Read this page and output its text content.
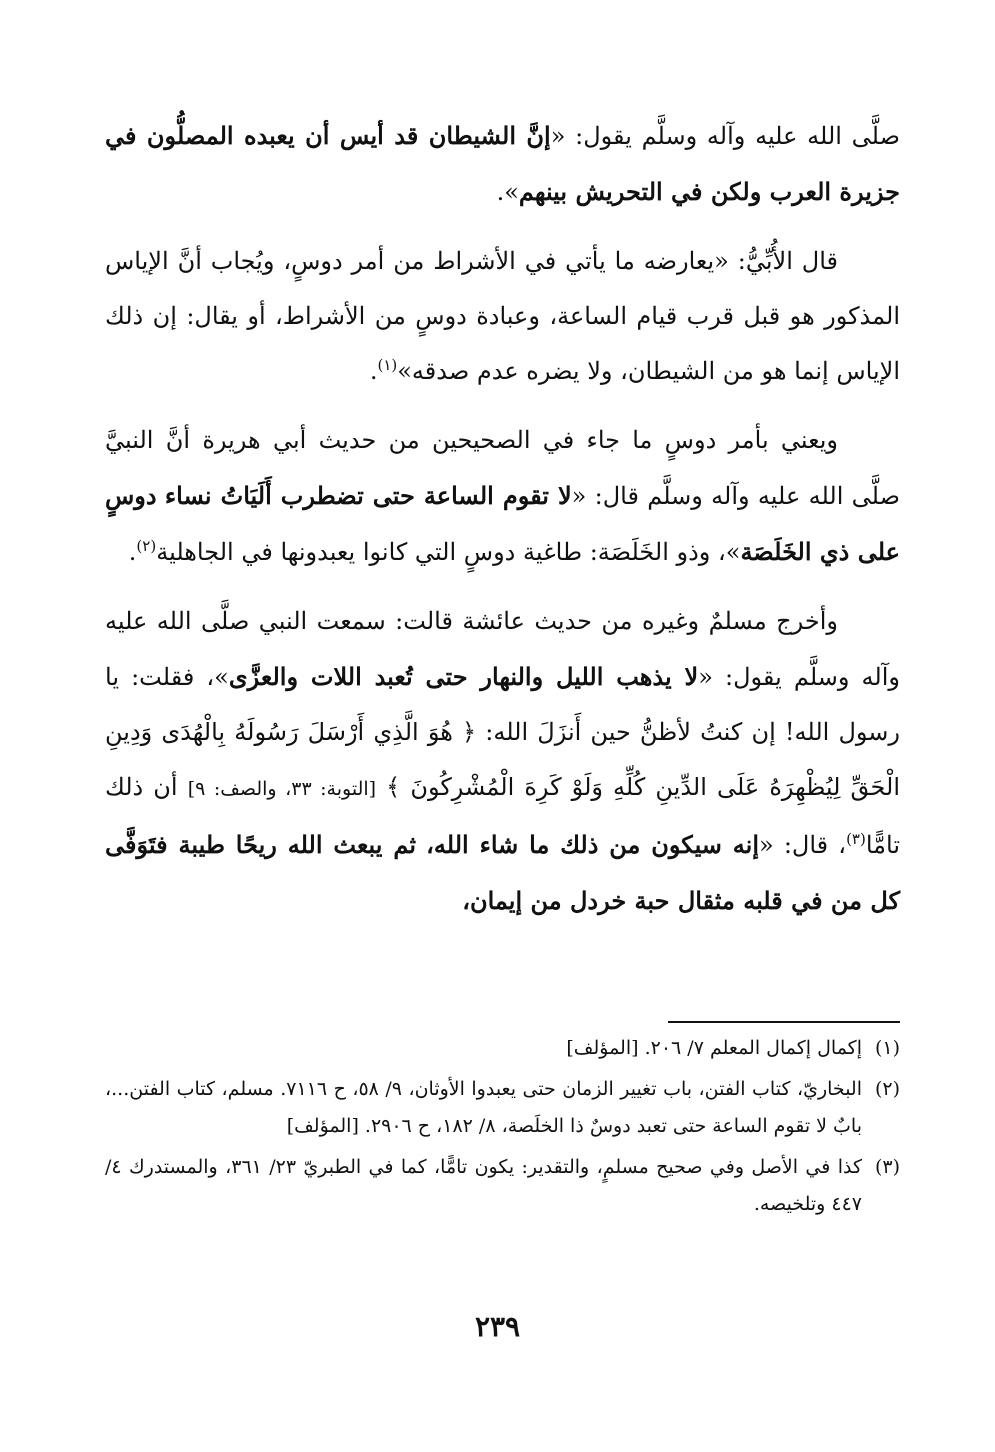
صلَّى الله عليه وآله وسلَّم يقول: «إنَّ الشيطان قد أيس أن يعبده المصلُّون في جزيرة العرب ولكن في التحريش بينهم».

قال الأُبِّيُّ: «يعارضه ما يأتي في الأشراط من أمر دوسٍ، ويُجاب أنَّ الإياس المذكور هو قبل قرب قيام الساعة، وعبادة دوسٍ من الأشراط، أو يقال: إن ذلك الإياس إنما هو من الشيطان، ولا يضره عدم صدقه»$^{(١)}$.

ويعني بأمر دوسٍ ما جاء في الصحيحين من حديث أبي هريرة أنَّ النبيَّ صلَّى الله عليه وآله وسلَّم قال: «لا تقوم الساعة حتى تضطرب أَلَيَاتُ نساء دوسٍ على ذي الخَلَصَة»، وذو الخَلَصَة: طاغية دوسٍ التي كانوا يعبدونها في الجاهلية$^{(٢)}$.

وأخرج مسلمٌ وغيره من حديث عائشة قالت: سمعت النبي صلَّى الله عليه وآله وسلَّم يقول: «لا يذهب الليل والنهار حتى تُعبد اللات والعزَّى»، فقلت: يا رسول الله! إن كنتُ لأظنُّ حين أَنزَلَ الله: ﴿ هُوَ الَّذِي أَرْسَلَ رَسُولَهُ بِالْهُدَى وَدِينِ الْحَقِّ لِيُظْهِرَهُ عَلَى الدِّينِ كُلِّهِ وَلَوْ كَرِهَ الْمُشْرِكُونَ ﴾ [التوبة: ٣٣، والصف: ٩] أن ذلك تامًّا$^{(٣)}$، قال: «إنه سيكون من ذلك ما شاء الله، ثم يبعث الله ريحًا طيبة فتَوَفَّى كل من في قلبه مثقال حبة خردل من إيمان،

(١)
إكمال إكمال المعلم ٧/ ٢٠٦. [المؤلف]
(٢)
البخاريّ، كتاب الفتن، باب تغيير الزمان حتى يعبدوا الأوثان، ٩/ ٥٨، ح ٧١١٦. مسلم، كتاب الفتن...، بابٌ لا تقوم الساعة حتى تعبد دوسٌ ذا الخلَصة، ٨/ ١٨٢، ح ٢٩٠٦. [المؤلف]
(٣)
كذا في الأصل وفي صحيح مسلمٍ، والتقدير: يكون تامًّا، كما في الطبريّ ٢٣/ ٣٦١، والمستدرك ٤/ ٤٤٧ وتلخيصه.
٢٣٩
